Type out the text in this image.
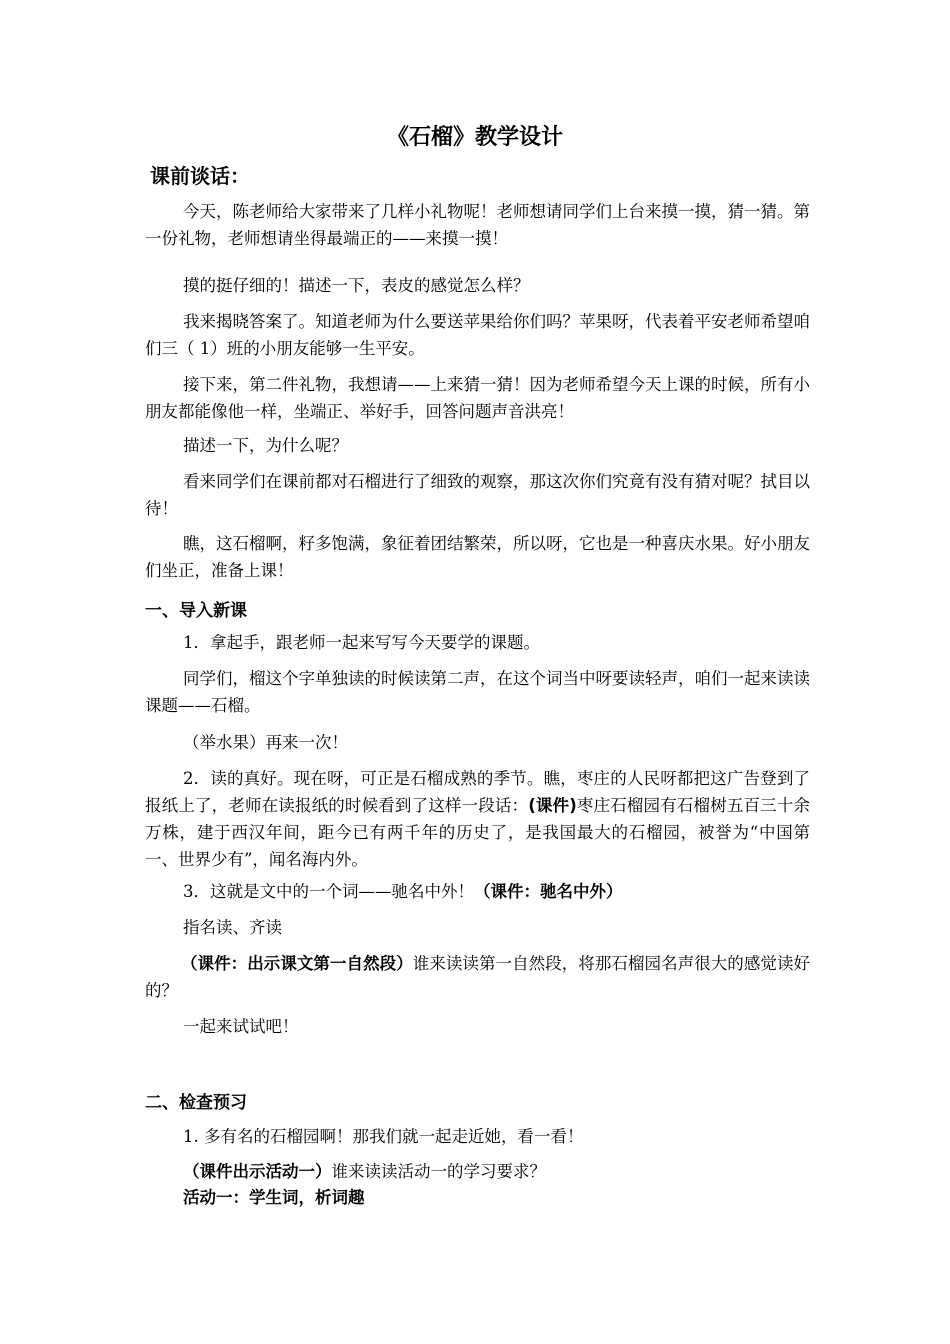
《石榴》教学设计
课前谈话：

今天，陈老师给大家带来了几样小礼物呢！老师想请同学们上台来摸一摸，猜一猜。第一份礼物，老师想请坐得最端正的——来摸一摸！

摸的挺仔细的！描述一下，表皮的感觉怎么样？

我来揭晓答案了。知道老师为什么要送苹果给你们吗？苹果呀，代表着平安老师希望咱们三（ 1）班的小朋友能够一生平安。

接下来，第二件礼物，我想请——上来猜一猜！因为老师希望今天上课的时候，所有小朋友都能像他一样，坐端正、举好手，回答问题声音洪亮！

描述一下，为什么呢？

看来同学们在课前都对石榴进行了细致的观察，那这次你们究竟有没有猜对呢？拭目以待！

瞧，这石榴啊，籽多饱满，象征着团结繁荣，所以呀，它也是一种喜庆水果。好小朋友们坐正，准备上课！

一、导入新课

1．拿起手，跟老师一起来写写今天要学的课题。

同学们，榴这个字单独读的时候读第二声，在这个词当中呀要读轻声，咱们一起来读读课题——石榴。

（举水果）再来一次！

2．读的真好。现在呀，可正是石榴成熟的季节。瞧，枣庄的人民呀都把这广告登到了报纸上了，老师在读报纸的时候看到了这样一段话：(课件)枣庄石榴园有石榴树五百三十余万株，建于西汉年间，距今已有两千年的历史了，是我国最大的石榴园，被誉为“中国第一、世界少有”，闻名海内外。

3．这就是文中的一个词——驰名中外！（课件：驰名中外）

指名读、齐读

（课件：出示课文第一自然段）谁来读读第一自然段，将那石榴园名声很大的感觉读好的？

一起来试试吧！

二、检查预习

1. 多有名的石榴园啊！那我们就一起走近她，看一看！

（课件出示活动一）谁来读读活动一的学习要求？

活动一：学生词，析词趣
